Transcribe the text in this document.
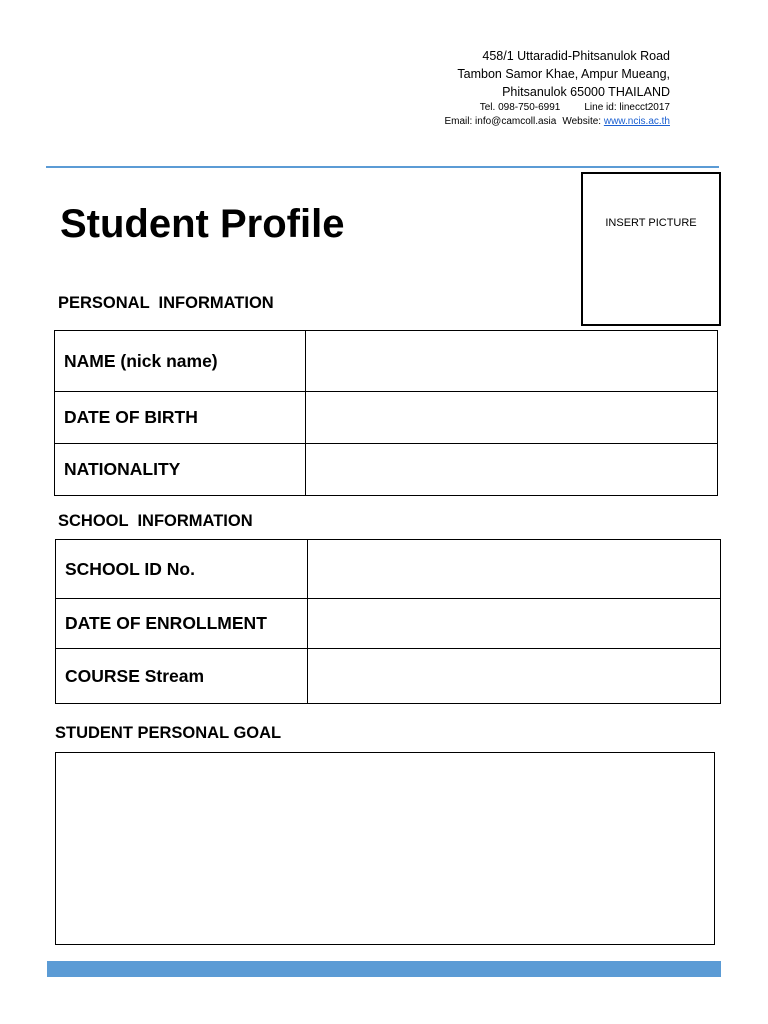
458/1 Uttaradid-Phitsanulok Road
Tambon Samor Khae, Ampur Mueang,
Phitsanulok 65000 THAILAND
Tel. 098-750-6991 Line id: linecct2017
Email: info@camcoll.asia Website: www.ncis.ac.th
INSERT PICTURE
Student Profile
PERSONAL  INFORMATION
NAME (nick name)	
DATE OF BIRTH	
NATIONALITY	
SCHOOL  INFORMATION
SCHOOL ID No.	
DATE OF ENROLLMENT	
COURSE Stream	
STUDENT PERSONAL GOAL
